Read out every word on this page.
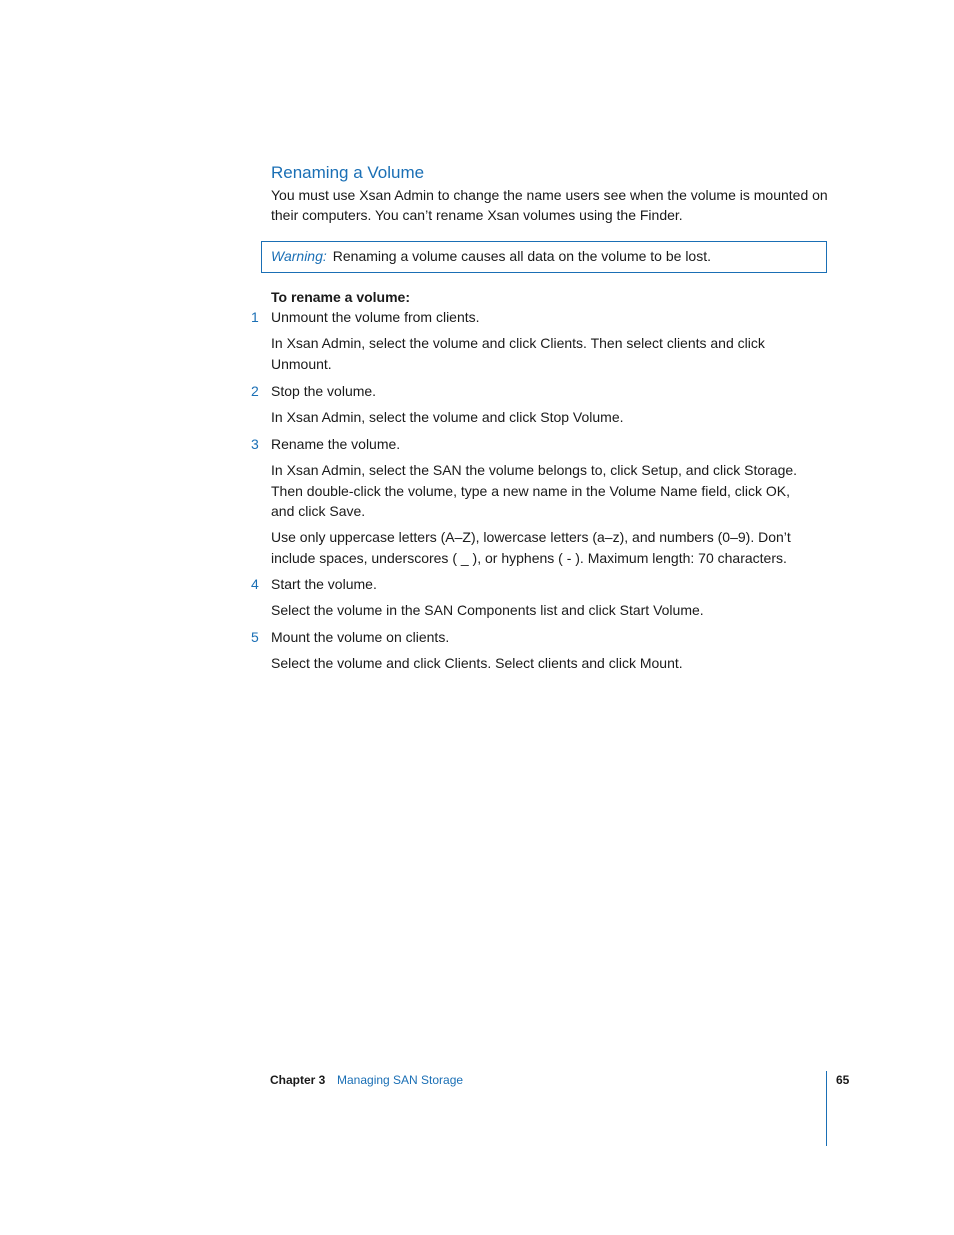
Renaming a Volume

You must use Xsan Admin to change the name users see when the volume is mounted on their computers. You can’t rename Xsan volumes using the Finder.

Warning: Renaming a volume causes all data on the volume to be lost.

To rename a volume:

1 Unmount the volume from clients.

In Xsan Admin, select the volume and click Clients. Then select clients and click Unmount.

2 Stop the volume.

In Xsan Admin, select the volume and click Stop Volume.

3 Rename the volume.

In Xsan Admin, select the SAN the volume belongs to, click Setup, and click Storage. Then double-click the volume, type a new name in the Volume Name field, click OK, and click Save.

Use only uppercase letters (A–Z), lowercase letters (a–z), and numbers (0–9). Don’t include spaces, underscores ( _ ), or hyphens ( - ). Maximum length: 70 characters.

4 Start the volume.

Select the volume in the SAN Components list and click Start Volume.

5 Mount the volume on clients.

Select the volume and click Clients. Select clients and click Mount.

Chapter 3 Managing SAN Storage	65
